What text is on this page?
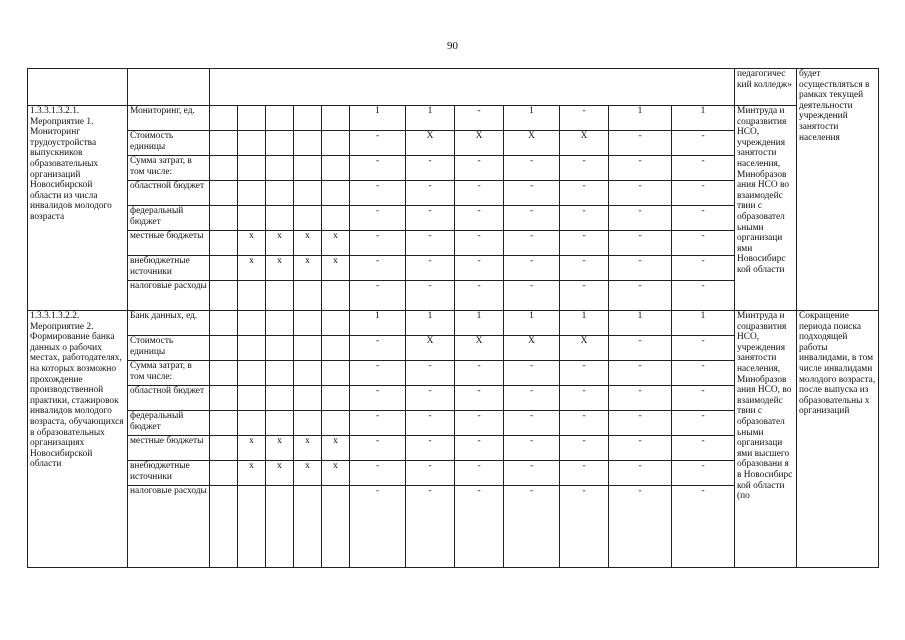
90
														педагогичес кий колледж»	будет осуществляться в рамках текущей деятельности учреждений занятости населения
1.3.3.1.3.2.1. Мероприятие 1. Мониторинг трудоустройства выпускников образовательных организаций Новосибирской области из числа инвалидов молодого возраста	Мониторинг, ед.						1	1	-	1	-	1	1	Минтруда и соцразвития НСО, учреждения занятости населения, Минобразов ания НСО во взаимодейс твии с образовател ьными организаци ями Новосибирс кой области	
	Стоимость единицы						-	Х	Х	Х	Х	-	-		
	Сумма затрат, в том числе:						-	-	-	-	-	-	-		
	областной бюджет						-	-	-	-	-	-	-		
	федеральный бюджет						-	-	-	-	-	-	-		
	местные бюджеты		х	х	х	х	-	-	-	-	-	-	-		
	внебюджетные источники		х	х	х	х	-	-	-	-	-	-	-		
	налоговые расходы						-	-	-	-	-	-	-		
1.3.3.1.3.2.2. Мероприятие 2. Формирование банка данных о рабочих местах, работодателях, на которых возможно прохождение производственной практики, стажировок инвалидов молодого возраста, обучающихся в образовательных организациях Новосибирской области	Банк данных, ед.						1	1	1	1	1	1	1	Минтруда и соцразвития НСО, учреждения занятости населения, Минобразов ания НСО, во взаимодейс твии с образовател ьными организаци ями высшего образовани я в Новосибирс кой области (по	Сокращение периода поиска подходящей работы инвалидами, в том числе инвалидами молодого возраста, после выпуска из образовательны х организаций
	Стоимость единицы						-	Х	Х	Х	Х	-	-		
	Сумма затрат, в том числе:						-	-	-	-	-	-	-		
	областной бюджет						-	-	-	-	-	-	-		
	федеральный бюджет						-	-	-	-	-	-	-		
	местные бюджеты		х	х	х	х	-	-	-	-	-	-	-		
	внебюджетные источники		х	х	х	х	-	-	-	-	-	-	-		
	налоговые расходы						-	-	-	-	-	-	-		
